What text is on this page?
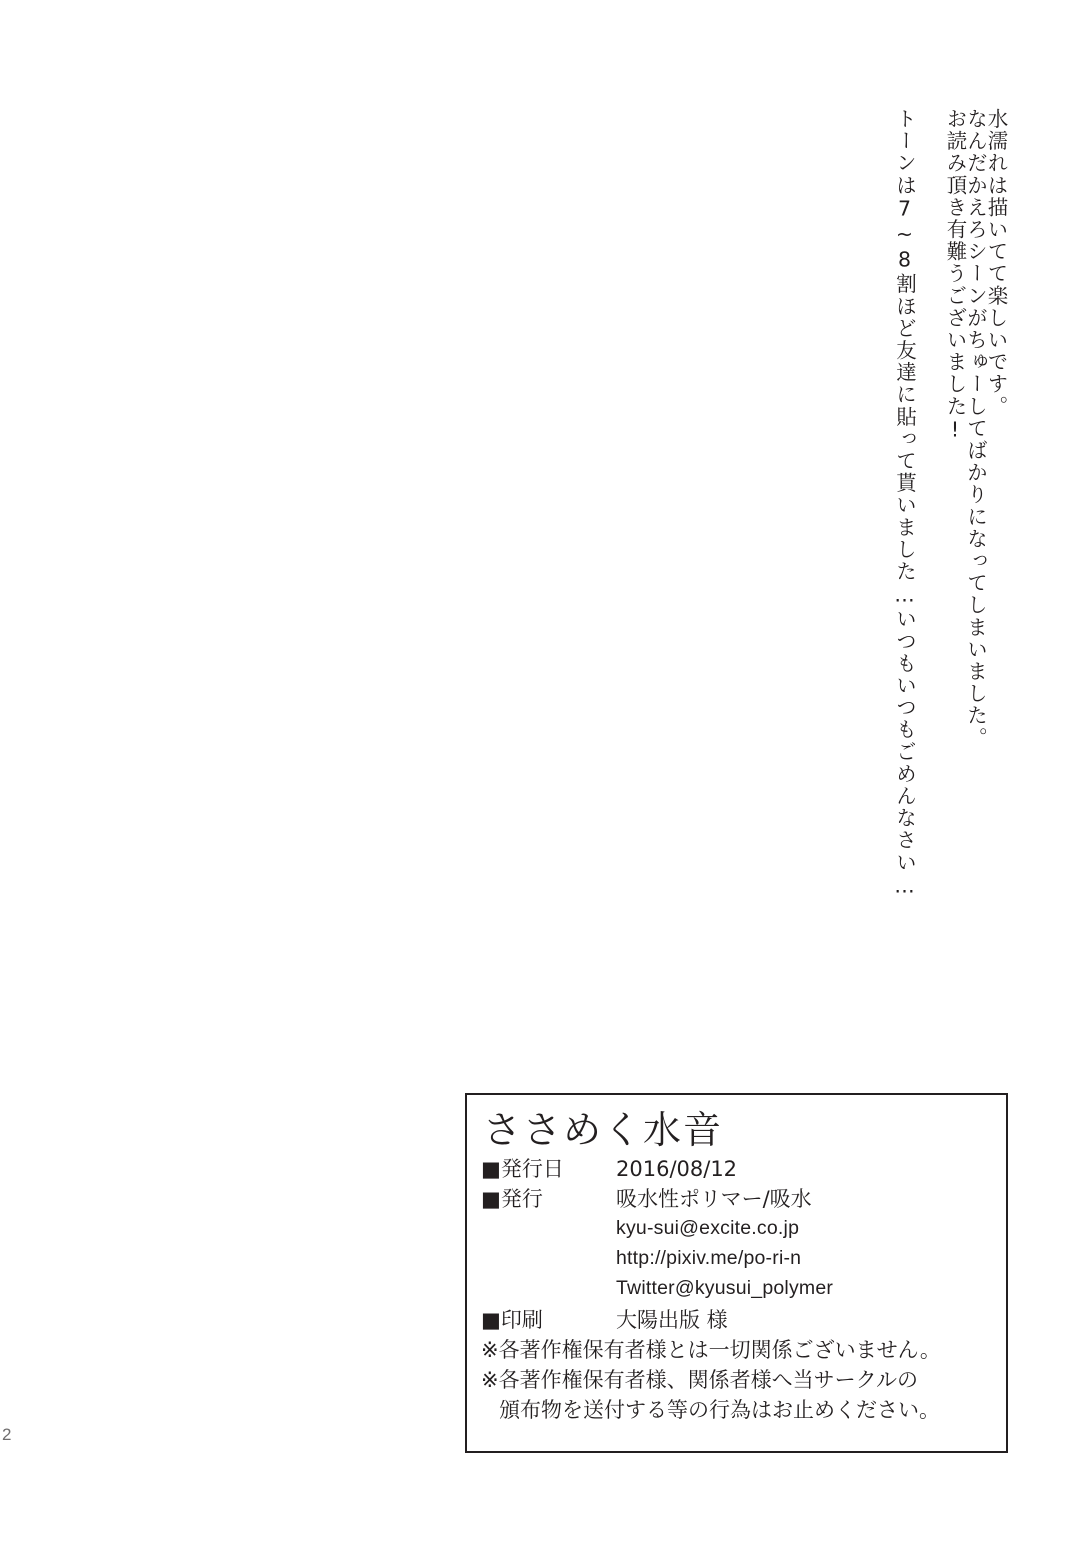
水濡れは描いてて楽しいです。
なんだかえろシーンがちゅーしてばかりになってしまいました。
お読み頂き有難うございました!
トーンは7~8割ほど友達に貼って貰いました…いつもいつもごめんなさい…
ささめく水音
■発行日	2016/08/12
■発行	吸水性ポリマー/吸水
kyu-sui@excite.co.jp
http://pixiv.me/po-ri-n
Twitter@kyusui_polymer
■印刷	大陽出版 様
※各著作権保有者様とは一切関係ございません。
※各著作権保有者様、関係者様へ当サークルの
頒布物を送付する等の行為はお止めください。
2
